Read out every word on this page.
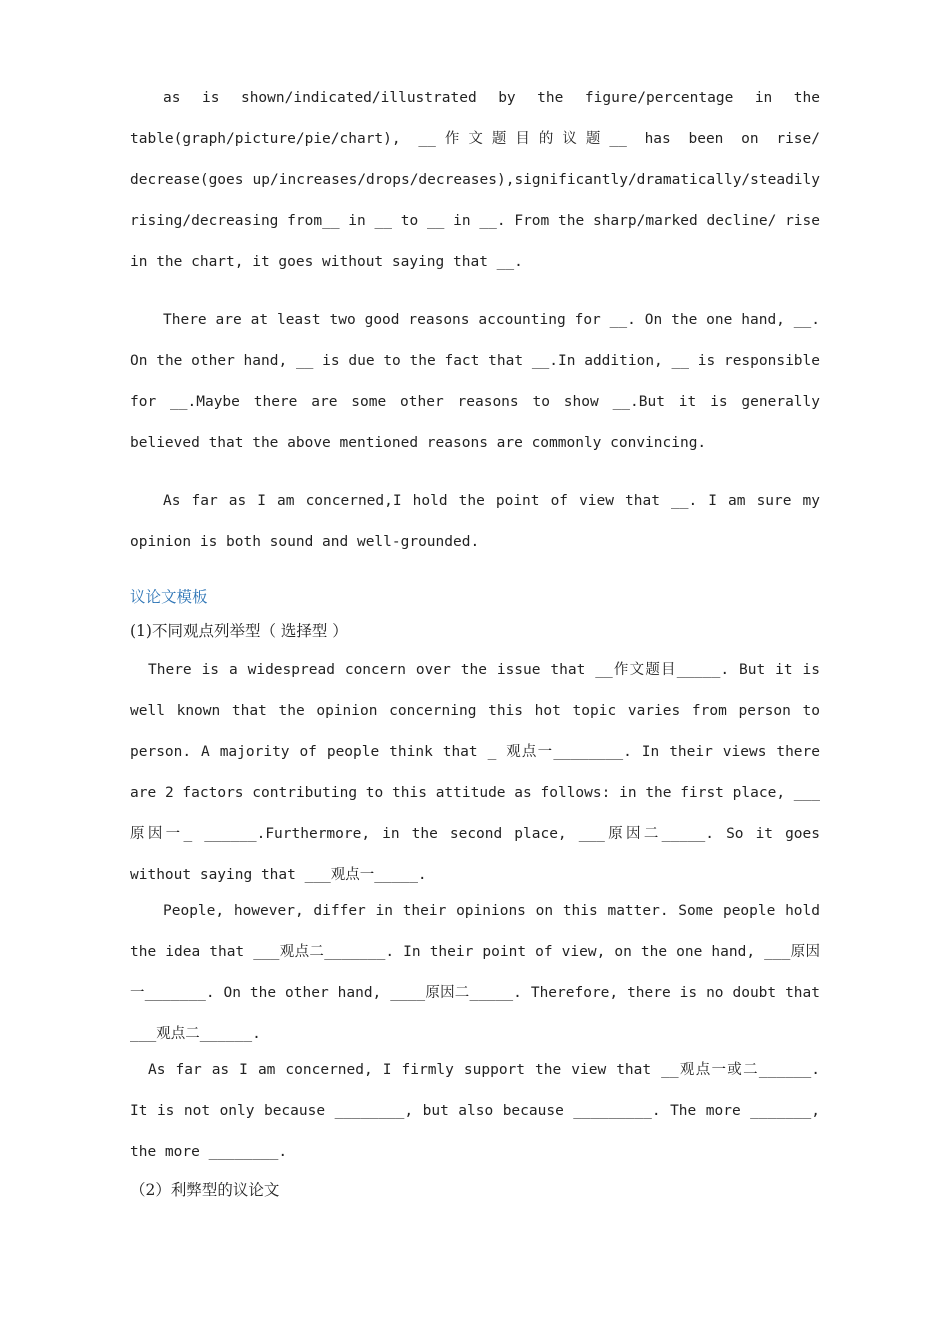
as is shown/indicated/illustrated by the figure/percentage in the table(graph/picture/pie/chart), __作文题目的议题__ has been on rise/ decrease(goes up/increases/drops/decreases),significantly/dramatically/steadily rising/decreasing from__ in __ to __ in __. From the sharp/marked decline/ rise in the chart, it goes without saying that __.

There are at least two good reasons accounting for __. On the one hand, __. On the other hand, __ is due to the fact that __.In addition, __ is responsible for __.Maybe there are some other reasons to show __.But it is generally believed that the above mentioned reasons are commonly convincing.

As far as I am concerned,I hold the point of view that __. I am sure my opinion is both sound and well-grounded.

议论文模板

(1)不同观点列举型（ 选择型 ）

There is a widespread concern over the issue that __作文题目_____. But it is well known that the opinion concerning this hot topic varies from person to person. A majority of people think that _ 观点一________. In their views there are 2 factors contributing to this attitude as follows: in the first place, ___原因一_ ______.Furthermore, in the second place, ___原因二_____. So it goes without saying that ___观点一_____.

People, however, differ in their opinions on this matter. Some people hold the idea that ___观点二_______. In their point of view, on the one hand, ___原因一_______. On the other hand, ____原因二_____. Therefore, there is no doubt that ___观点二______.

As far as I am concerned, I firmly support the view that __观点一或二______. It is not only because ________, but also because _________. The more _______, the more ________.

（2）利弊型的议论文
